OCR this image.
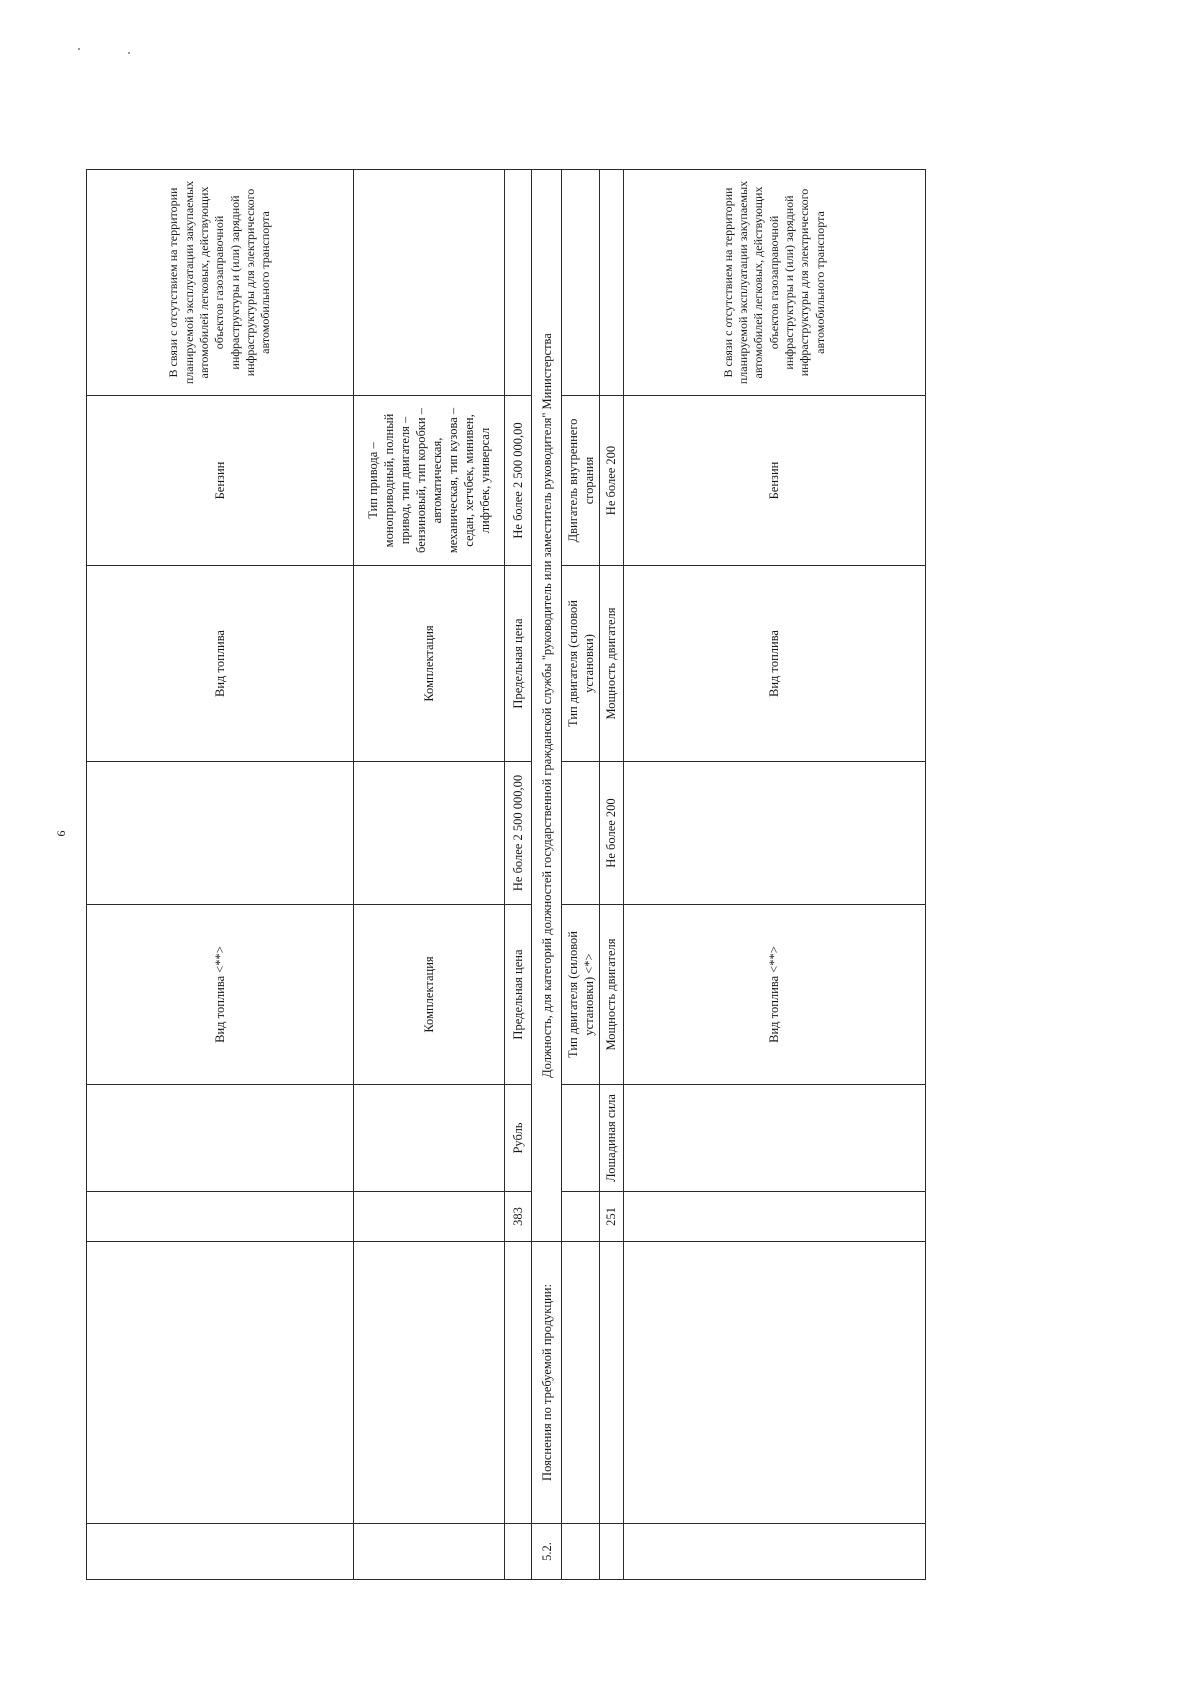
9
				Вид топлива <**>		Вид топлива	Бензин	В связи с отсутствием на территории планируемой эксплуатации закупаемых автомобилей легковых, действующих объектов газозаправочной инфраструктуры и (или) зарядной инфраструктуры для электрического автомобильного транспорта
				Комплектация		Комплектация	Тип привода – моноприводный, полный привод, тип двигателя – бензиновый, тип коробки – автоматическая, механическая, тип кузова – седан, хетчбек, минивен, лифтбек, универсал	
		383	Рубль	Предельная цена	Не более 2 500 000,00	Предельная цена	Не более 2 500 000,00	
5.2.	Пояснения по требуемой продукции:	Должность, для категорий должностей государственной гражданской службы "руководитель или заместитель руководителя" Министерства						
				Тип двигателя (силовой установки) <*>		Тип двигателя (силовой установки)	Двигатель внутреннего сгорания	
		251	Лошадиная сила	Мощность двигателя	Не более 200	Мощность двигателя	Не более 200	
				Вид топлива <**>		Вид топлива	Бензин	В связи с отсутствием на территории планируемой эксплуатации закупаемых автомобилей легковых, действующих объектов газозаправочной инфраструктуры и (или) зарядной инфраструктуры для электрического автомобильного транспорта
